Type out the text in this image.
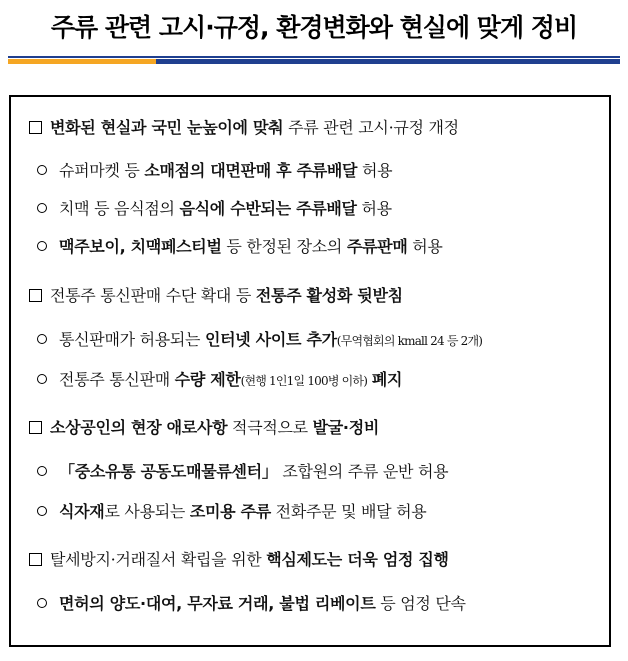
주류 관련 고시·규정, 환경변화와 현실에 맞게 정비
변화된 현실과 국민 눈높이에 맞춰 주류 관련 고시·규정 개정
슈퍼마켓 등 소매점의 대면판매 후 주류배달 허용
치맥 등 음식점의 음식에 수반되는 주류배달 허용
맥주보이, 치맥페스티벌 등 한정된 장소의 주류판매 허용
전통주 통신판매 수단 확대 등 전통주 활성화 뒷받침
통신판매가 허용되는 인터넷 사이트 추가(무역협회의 kmall 24 등 2개)
전통주 통신판매 수량 제한(현행 1인1일 100병 이하) 폐지
소상공인의 현장 애로사항 적극적으로 발굴·정비
「중소유통 공동도매물류센터」 조합원의 주류 운반 허용
식자재로 사용되는 조미용 주류 전화주문 및 배달 허용
탈세방지·거래질서 확립을 위한 핵심제도는 더욱 엄정 집행
면허의 양도·대여, 무자료 거래, 불법 리베이트 등 엄정 단속
